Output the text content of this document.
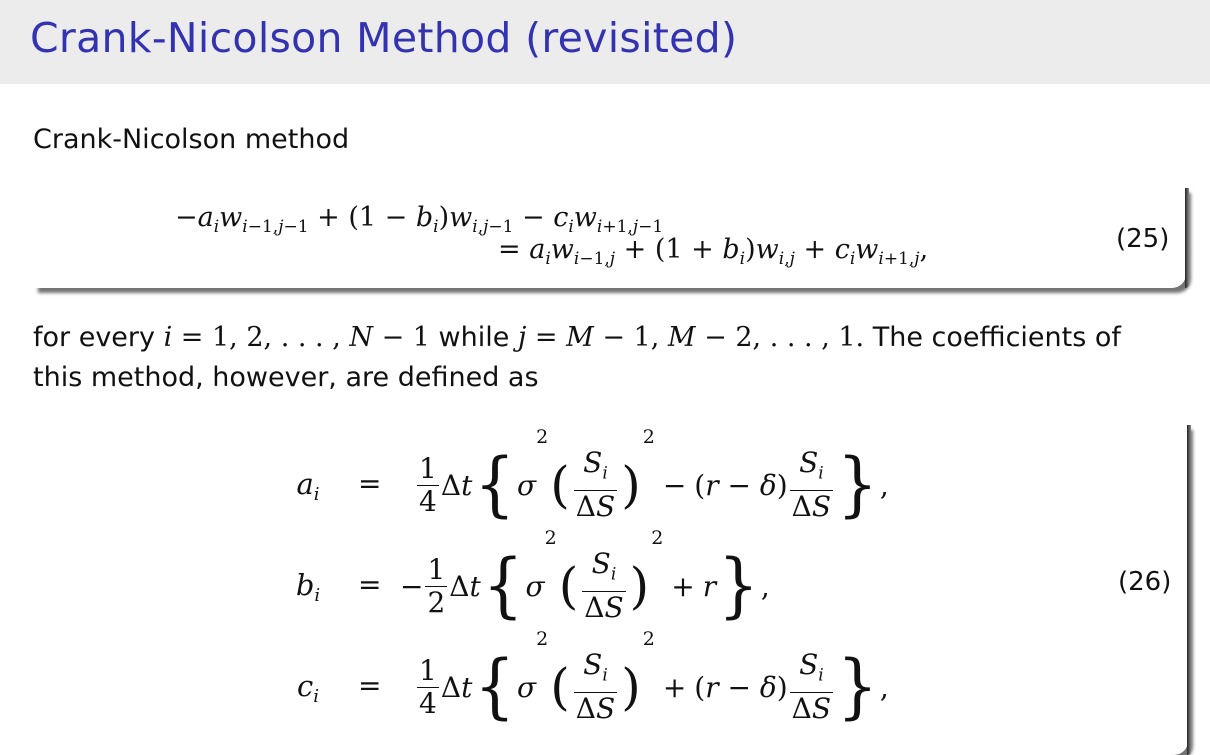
Crank-Nicolson Method (revisited)
Crank-Nicolson method
$-a_iw_{i-1,j-1} + (1 - b_i)w_{i,j-1} - c_iw_{i+1,j-1}$
= $a_iw_{i-1,j} + (1 + b_i)w_{i,j} + c_iw_{i+1,j}$,	(25)
for every i = 1, 2, . . . , N − 1 while j = M − 1, M − 2, . . . , 1. The coefficients of this method, however, are defined as
$a_i$	= $\frac{1}{4}$ Δt { σ
2
( $\frac{S_i}{\Delta S}$ )
2
− $(r - \delta) \frac{S_i}{\Delta S}$ } ,
$b_i$	= − $\frac{1}{2}$ Δt { σ
2
( $\frac{S_i}{\Delta S}$ )
2
+ r } ,	(26)
$c_i$	= $\frac{1}{4}$ Δt { σ
2
( $\frac{S_i}{\Delta S}$ )
2
+ $(r - \delta) \frac{S_i}{\Delta S}$ } ,
